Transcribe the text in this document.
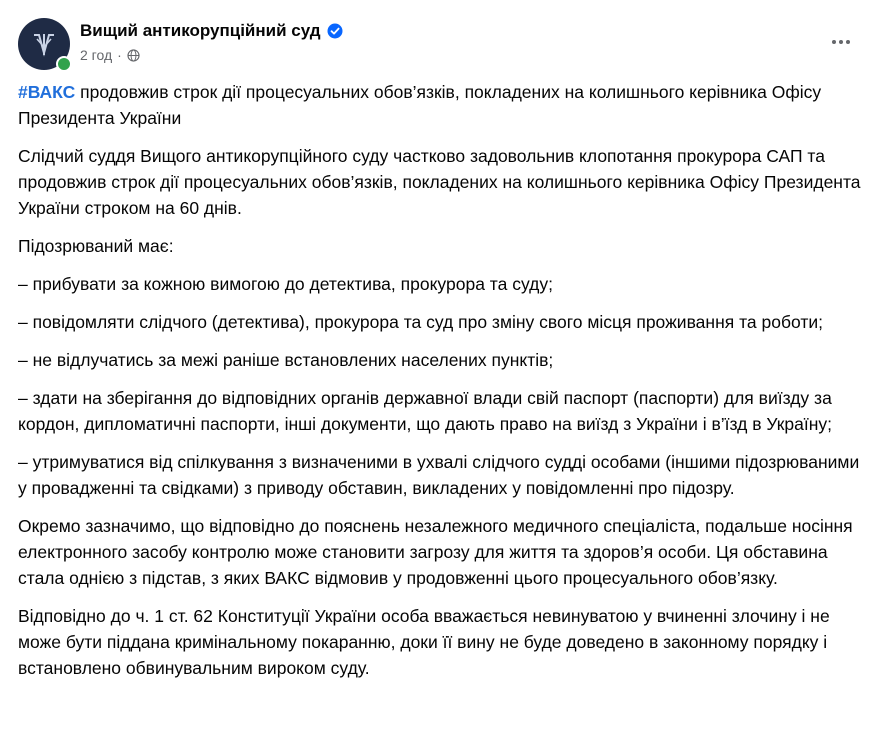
Вищий антикорупційний суд
2 год ·

#ВАКС продовжив строк дії процесуальних обов’язків, покладених на колишнього керівника Офісу Президента України

Слідчий суддя Вищого антикорупційного суду частково задовольнив клопотання прокурора САП та продовжив строк дії процесуальних обов’язків, покладених на колишнього керівника Офісу Президента України строком на 60 днів.

Підозрюваний має:

– прибувати за кожною вимогою до детектива, прокурора та суду;

– повідомляти слідчого (детектива), прокурора та суд про зміну свого місця проживання та роботи;

– не відлучатись за межі раніше встановлених населених пунктів;

– здати на зберігання до відповідних органів державної влади свій паспорт (паспорти) для виїзду за кордон, дипломатичні паспорти, інші документи, що дають право на виїзд з України і в’їзд в Україну;

– утримуватися від спілкування з визначеними в ухвалі слідчого судді особами (іншими підозрюваними у провадженні та свідками) з приводу обставин, викладених у повідомленні про підозру.

Окремо зазначимо, що відповідно до пояснень незалежного медичного спеціаліста, подальше носіння електронного засобу контролю може становити загрозу для життя та здоров’я особи. Ця обставина стала однією з підстав, з яких ВАКС відмовив у продовженні цього процесуального обов’язку.

Відповідно до ч. 1 ст. 62 Конституції України особа вважається невинуватою у вчиненні злочину і не може бути піддана кримінальному покаранню, доки її вину не буде доведено в законному порядку і встановлено обвинувальним вироком суду.
